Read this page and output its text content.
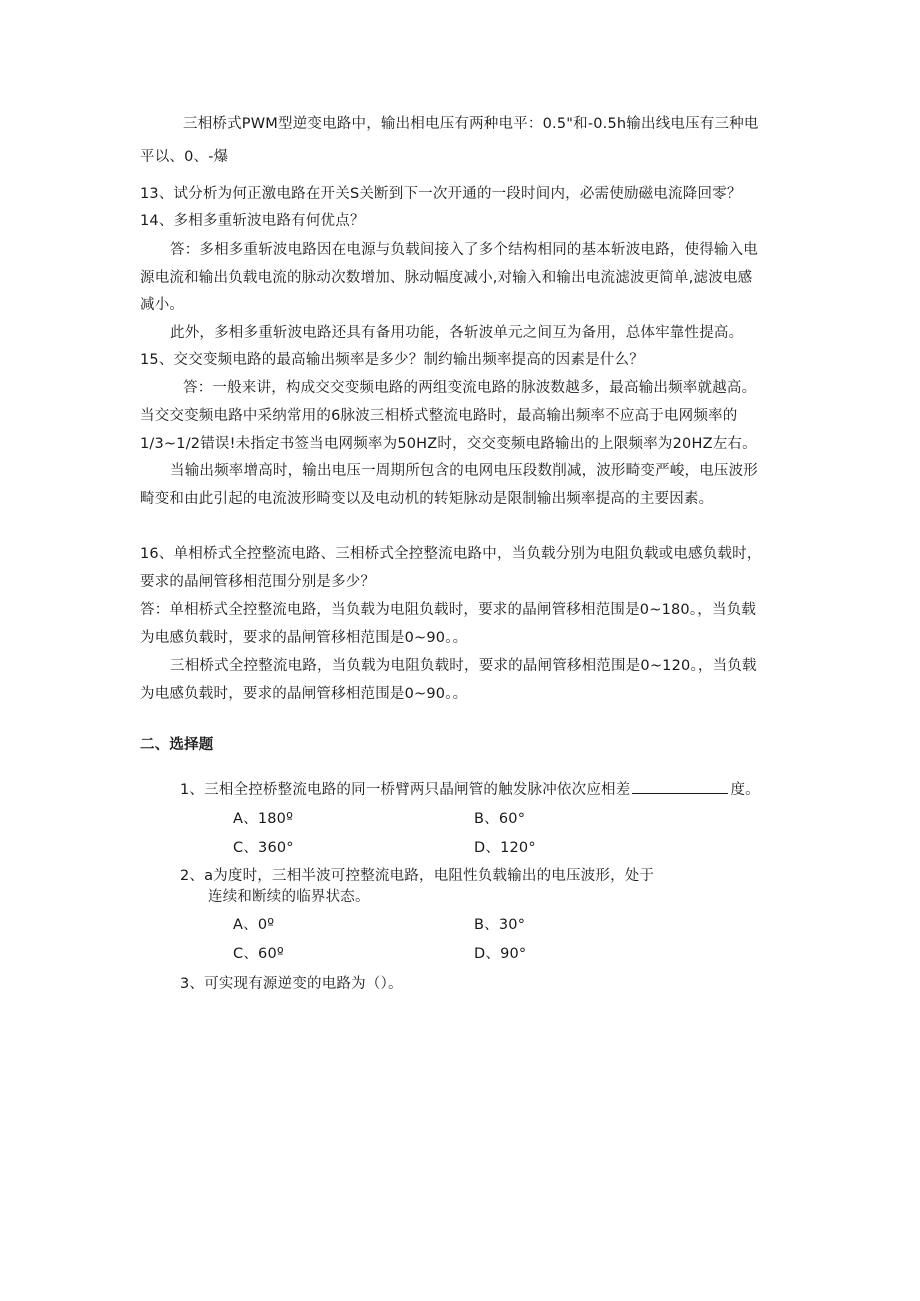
三相桥式PWM型逆变电路中，输出相电压有两种电平：0.5"和-0.5h输出线电压有三种电
平以、0、-爆
13、试分析为何正激电路在开关S关断到下一次开通的一段时间内，必需使励磁电流降回零？
14、多相多重斩波电路有何优点？
答：多相多重斩波电路因在电源与负载间接入了多个结构相同的基本斩波电路，使得输入电
源电流和输出负载电流的脉动次数增加、脉动幅度减小,对输入和输出电流滤波更简单,滤波电感
减小。
此外，多相多重斩波电路还具有备用功能，各斩波单元之间互为备用，总体牢靠性提高。
15、交交变频电路的最高输出频率是多少？制约输出频率提高的因素是什么？
答：一般来讲，构成交交变频电路的两组变流电路的脉波数越多，最高输出频率就越高。
当交交变频电路中采纳常用的6脉波三相桥式整流电路时，最高输出频率不应高于电网频率的
1/3~1/2错误!未指定书签当电网频率为50HZ时，交交变频电路输出的上限频率为20HZ左右。
当输出频率增高时，输出电压一周期所包含的电网电压段数削减，波形畸变严峻，电压波形
畸变和由此引起的电流波形畸变以及电动机的转矩脉动是限制输出频率提高的主要因素。
16、单相桥式全控整流电路、三相桥式全控整流电路中，当负载分别为电阻负载或电感负载时，
要求的晶闸管移相范围分别是多少？
答：单相桥式全控整流电路，当负载为电阻负载时，要求的晶闸管移相范围是0~180。，当负载
为电感负载时，要求的晶闸管移相范围是0~90。。
三相桥式全控整流电路，当负载为电阻负载时，要求的晶闸管移相范围是0~120。，当负载
为电感负载时，要求的晶闸管移相范围是0~90。。
二、选择题
1、三相全控桥整流电路的同一桥臂两只晶闸管的触发脉冲依次应相差	度。
A、180º	B、60°
C、360°	D、120°
2、a为度时，三相半波可控整流电路，电阻性负载输出的电压波形，处于
连续和断续的临界状态。
A、0º	B、30°
C、60º	D、90°
3、可实现有源逆变的电路为（）。
